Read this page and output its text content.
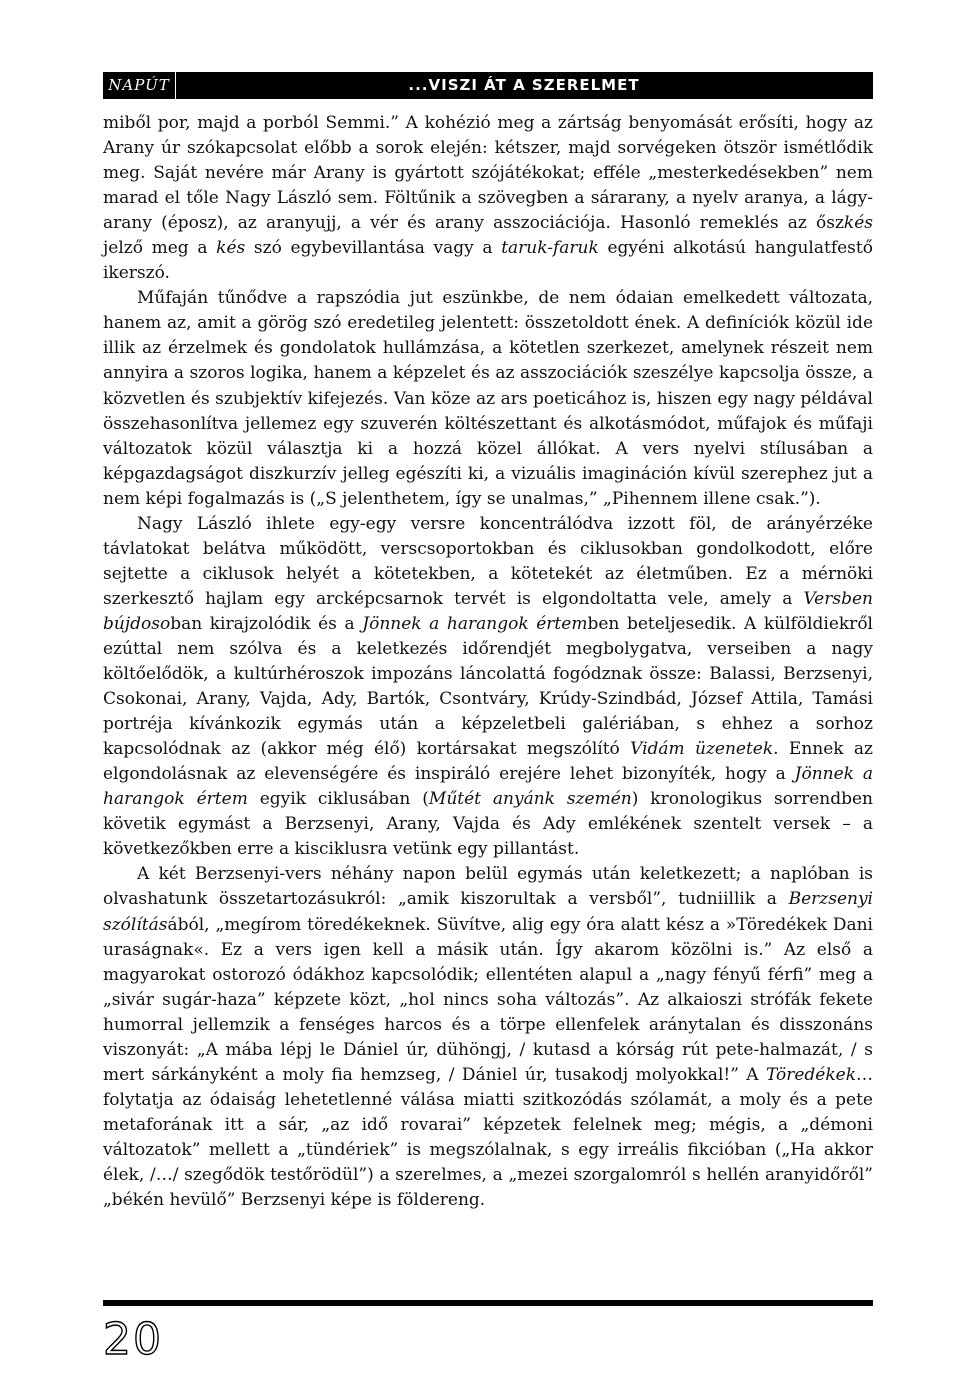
NAPÚT	...VISZI ÁT A SZERELMET

miből por, majd a porból Semmi.” A kohézió meg a zártság benyomását erősíti, hogy az Arany úr szókapcsolat előbb a sorok elején: kétszer, majd sorvégeken ötször ismétlődik meg. Saját nevére már Arany is gyártott szójátékokat; efféle „mesterkedésekben” nem marad el tőle Nagy László sem. Föltűnik a szövegben a sárarany, a nyelv aranya, a lágy-arany (éposz), az aranyujj, a vér és arany asszociációja. Hasonló remeklés az őszkés jelző meg a kés szó egybevillantása vagy a taruk-faruk egyéni alkotású hangulatfestő ikerszó.

Műfaján tűnődve a rapszódia jut eszünkbe, de nem ódaian emelkedett változata, hanem az, amit a görög szó eredetileg jelentett: összetoldott ének. A definíciók közül ide illik az érzelmek és gondolatok hullámzása, a kötetlen szerkezet, amelynek részeit nem annyira a szoros logika, hanem a képzelet és az asszociációk szeszélye kapcsolja össze, a közvetlen és szubjektív kifejezés. Van köze az ars poeticához is, hiszen egy nagy példával összehasonlítva jellemez egy szuverén költészettant és alkotásmódot, műfajok és műfaji változatok közül választja ki a hozzá közel állókat. A vers nyelvi stílusában a képgazdagságot diszkurzív jelleg egészíti ki, a vizuális imagináción kívül szerephez jut a nem képi fogalmazás is („S jelenthetem, így se unalmas,” „Pihennem illene csak.”).

Nagy László ihlete egy-egy versre koncentrálódva izzott föl, de arányérzéke távlatokat belátva működött, verscsoportokban és ciklusokban gondolkodott, előre sejtette a ciklusok helyét a kötetekben, a kötetekét az életműben. Ez a mérnöki szerkesztő hajlam egy arcképcsarnok tervét is elgondoltatta vele, amely a Versben bújdosoban kirajzolódik és a Jönnek a harangok értemben beteljesedik. A külföldiekről ezúttal nem szólva és a keletkezés időrendjét megbolygatva, verseiben a nagy költőelődök, a kultúrhéroszok impozáns láncolattá fogódznak össze: Balassi, Berzsenyi, Csokonai, Arany, Vajda, Ady, Bartók, Csontváry, Krúdy-Szindbád, József Attila, Tamási portréja kívánkozik egymás után a képzeletbeli galériában, s ehhez a sorhoz kapcsolódnak az (akkor még élő) kortársakat megszólító Vidám üzenetek. Ennek az elgondolásnak az elevenségére és inspiráló erejére lehet bizonyíték, hogy a Jönnek a harangok értem egyik ciklusában (Műtét anyánk szemén) kronologikus sorrendben követik egymást a Berzsenyi, Arany, Vajda és Ady emlékének szentelt versek – a következőkben erre a kisciklusra vetünk egy pillantást.

A két Berzsenyi-vers néhány napon belül egymás után keletkezett; a naplóban is olvashatunk összetartozásukról: „amik kiszorultak a versből”, tudniillik a Berzsenyi szólításából, „megírom töredékeknek. Süvítve, alig egy óra alatt kész a »Töredékek Dani uraságnak«. Ez a vers igen kell a másik után. Így akarom közölni is.” Az első a magyarokat ostorozó ódákhoz kapcsolódik; ellentéten alapul a „nagy fényű férfi” meg a „sivár sugár-haza” képzete közt, „hol nincs soha változás”. Az alkaioszi strófák fekete humorral jellemzik a fenséges harcos és a törpe ellenfelek aránytalan és disszonáns viszonyát: „A mába lépj le Dániel úr, dühöngj, / kutasd a kórság rút pete-halmazát, / s mert sárkányként a moly fia hemzseg, / Dániel úr, tusakodj molyokkal!” A Töredékek… folytatja az ódaiság lehetetlenné válása miatti szitkozódás szólamát, a moly és a pete metaforának itt a sár, „az idő rovarai” képzetek felelnek meg; mégis, a „démoni változatok” mellett a „tündériek” is megszólalnak, s egy irreális fikcióban („Ha akkor élek, /…/ szegődök testőrödül”) a szerelmes, a „mezei szorgalomról s hellén aranyidőről” „békén hevülő” Berzsenyi képe is földereng.

20
